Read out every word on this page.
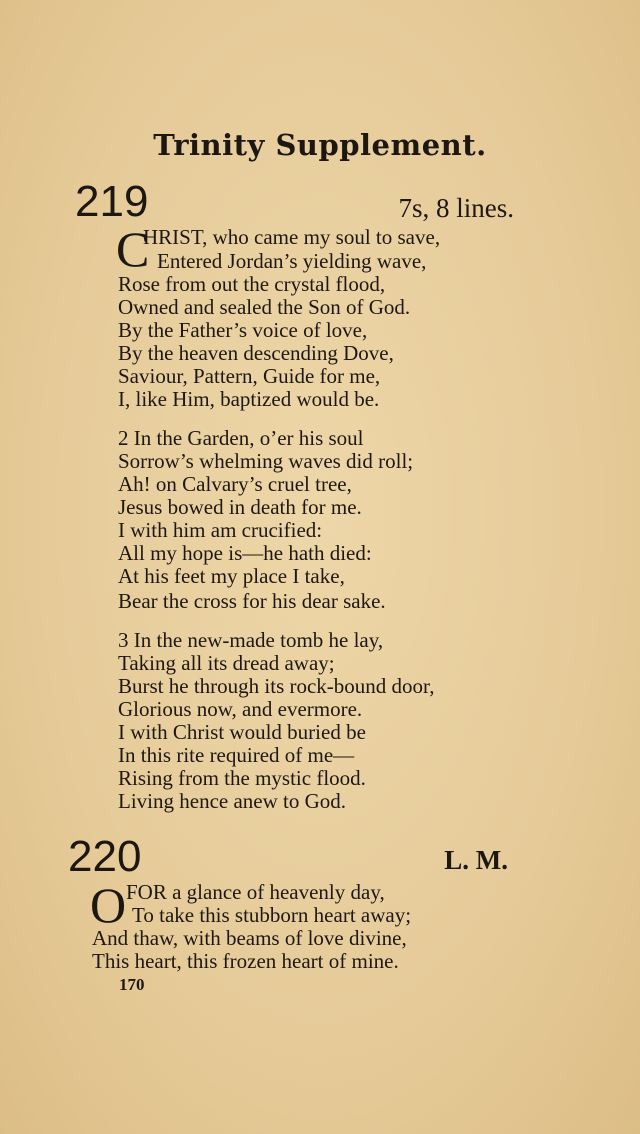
Trinity Supplement.
219	7s, 8 lines.
C
HRIST, who came my soul to save,
Entered Jordan’s yielding wave,
Rose from out the crystal flood,
Owned and sealed the Son of God.
By the Father’s voice of love,
By the heaven descending Dove,
Saviour, Pattern, Guide for me,
I, like Him, baptized would be.
2 In the Garden, o’er his soul
Sorrow’s whelming waves did roll;
Ah! on Calvary’s cruel tree,
Jesus bowed in death for me.
I with him am crucified:
All my hope is—he hath died:
At his feet my place I take,
Bear the cross for his dear sake.
3 In the new-made tomb he lay,
Taking all its dread away;
Burst he through its rock-bound door,
Glorious now, and evermore.
I with Christ would buried be
In this rite required of me—
Rising from the mystic flood.
Living hence anew to God.
220	L. M.
O FOR a glance of heavenly day,
To take this stubborn heart away;
And thaw, with beams of love divine,
This heart, this frozen heart of mine.
170
